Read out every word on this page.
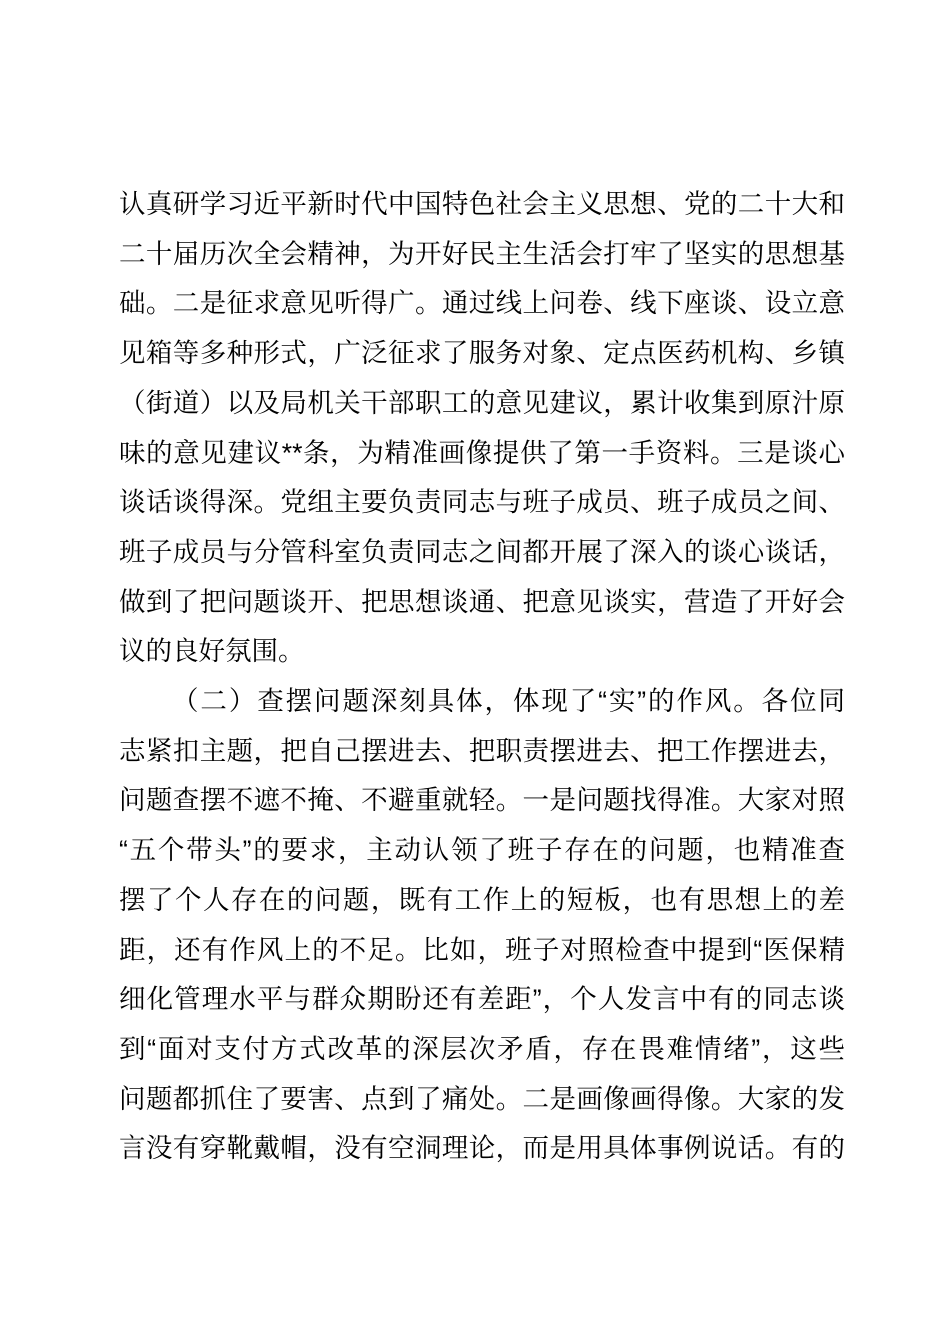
认真研学习近平新时代中国特色社会主义思想、党的二十大和
二十届历次全会精神，为开好民主生活会打牢了坚实的思想基
础。二是征求意见听得广。通过线上问卷、线下座谈、设立意
见箱等多种形式，广泛征求了服务对象、定点医药机构、乡镇
（街道）以及局机关干部职工的意见建议，累计收集到原汁原
味的意见建议**条，为精准画像提供了第一手资料。三是谈心
谈话谈得深。党组主要负责同志与班子成员、班子成员之间、
班子成员与分管科室负责同志之间都开展了深入的谈心谈话，
做到了把问题谈开、把思想谈通、把意见谈实，营造了开好会
议的良好氛围。
（二）查摆问题深刻具体，体现了“实”的作风。各位同
志紧扣主题，把自己摆进去、把职责摆进去、把工作摆进去，
问题查摆不遮不掩、不避重就轻。一是问题找得准。大家对照
“五个带头”的要求，主动认领了班子存在的问题，也精准查
摆了个人存在的问题，既有工作上的短板，也有思想上的差
距，还有作风上的不足。比如，班子对照检查中提到“医保精
细化管理水平与群众期盼还有差距”，个人发言中有的同志谈
到“面对支付方式改革的深层次矛盾，存在畏难情绪”，这些
问题都抓住了要害、点到了痛处。二是画像画得像。大家的发
言没有穿靴戴帽，没有空洞理论，而是用具体事例说话。有的
